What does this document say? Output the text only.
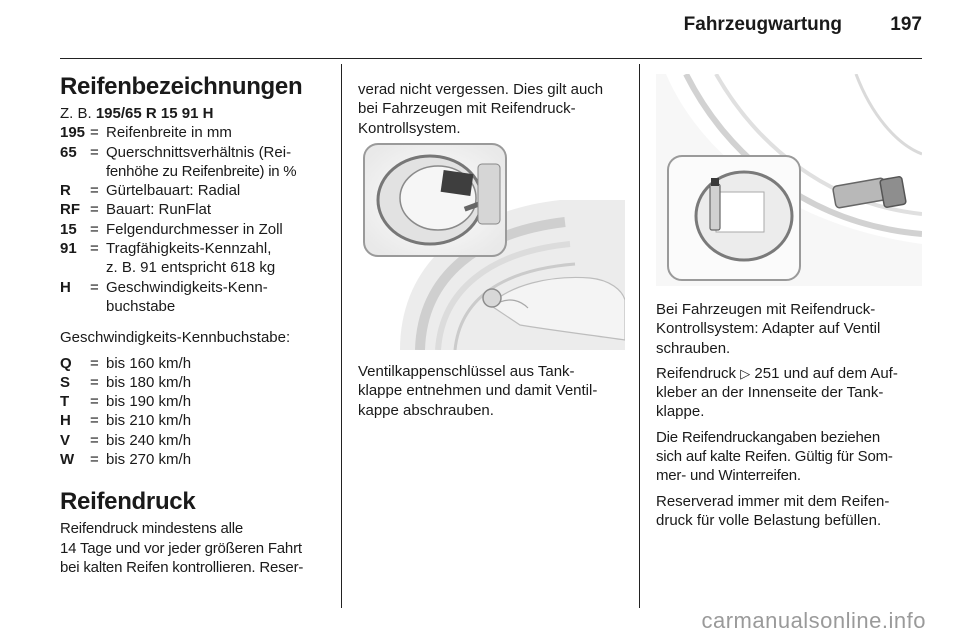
Fahrzeugwartung	197
Reifenbezeichnungen

Z. B. 195/65 R 15 91 H

195 = Reifenbreite in mm
65 = Querschnittsverhältnis (Rei-
fenhöhe zu Reifenbreite) in %
R	= Gürtelbauart: Radial
RF = Bauart: RunFlat
15 = Felgendurchmesser in Zoll
91 = Tragfähigkeits-Kennzahl,
z. B. 91 entspricht 618 kg
H	= Geschwindigkeits-Kenn-
buchstabe

Geschwindigkeits-Kennbuchstabe:

Q	= bis 160 km/h
S	= bis 180 km/h
T	= bis 190 km/h
H	= bis 210 km/h
V	= bis 240 km/h
W	= bis 270 km/h
Reifendruck

Reifendruck mindestens alle
14 Tage und vor jeder größeren Fahrt
bei kalten Reifen kontrollieren. Reser-

verad nicht vergessen. Dies gilt auch
bei Fahrzeugen mit Reifendruck-
Kontrollsystem.

Ventilkappenschlüssel aus Tank-
klappe entnehmen und damit Ventil-
kappe abschrauben.

Bei Fahrzeugen mit Reifendruck-
Kontrollsystem: Adapter auf Ventil
schrauben.

Reifendruck ▷ 251 und auf dem Auf-
kleber an der Innenseite der Tank-
klappe.

Die Reifendruckangaben beziehen
sich auf kalte Reifen. Gültig für Som-
mer- und Winterreifen.

Reserverad immer mit dem Reifen-
druck für volle Belastung befüllen.

carmanualsonline.info
